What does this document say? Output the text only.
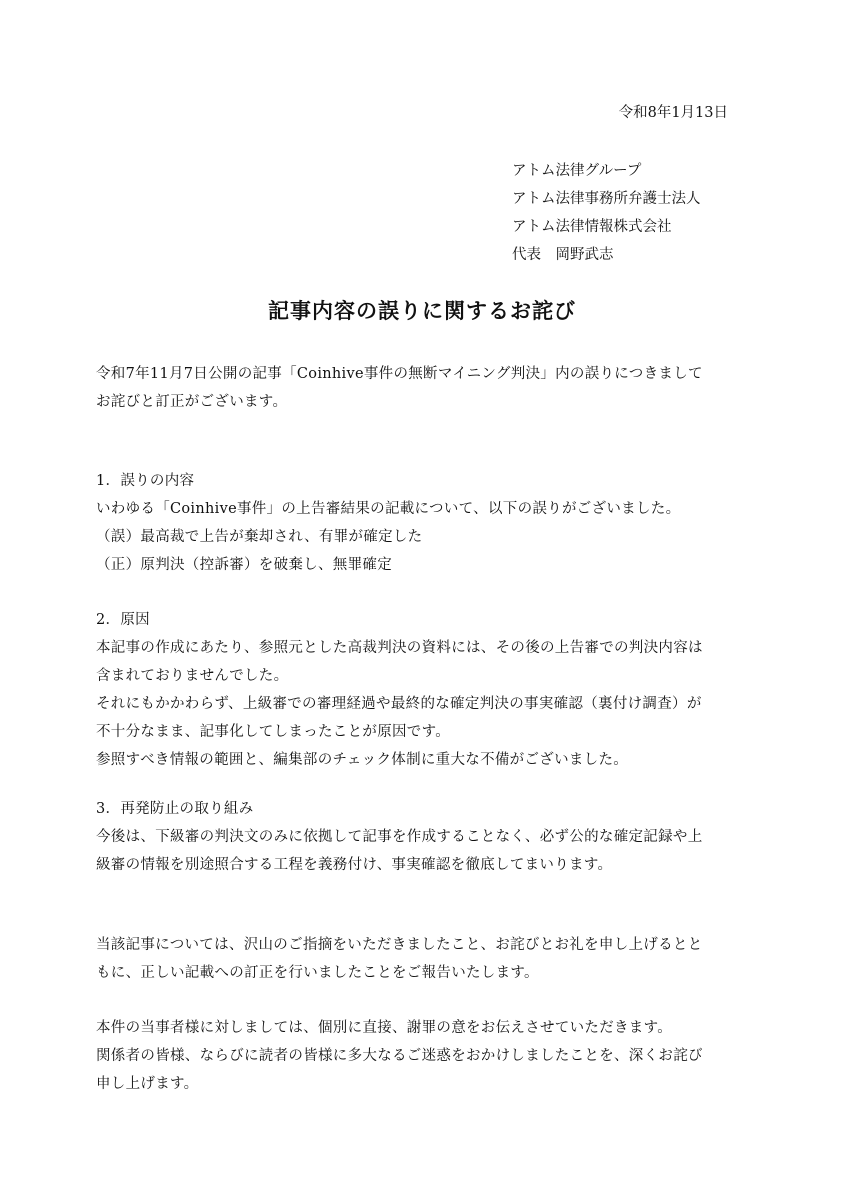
令和8年1月13日
アトム法律グループ
アトム法律事務所弁護士法人
アトム法律情報株式会社
代表　岡野武志
記事内容の誤りに関するお詫び

令和7年11月7日公開の記事「Coinhive事件の無断マイニング判決」内の誤りにつきまして

お詫びと訂正がございます。

1．誤りの内容

いわゆる「Coinhive事件」の上告審結果の記載について、以下の誤りがございました。

（誤）最高裁で上告が棄却され、有罪が確定した

（正）原判決（控訴審）を破棄し、無罪確定

2．原因

本記事の作成にあたり、参照元とした高裁判決の資料には、その後の上告審での判決内容は

含まれておりませんでした。

それにもかかわらず、上級審での審理経過や最終的な確定判決の事実確認（裏付け調査）が

不十分なまま、記事化してしまったことが原因です。

参照すべき情報の範囲と、編集部のチェック体制に重大な不備がございました。

3．再発防止の取り組み

今後は、下級審の判決文のみに依拠して記事を作成することなく、必ず公的な確定記録や上

級審の情報を別途照合する工程を義務付け、事実確認を徹底してまいります。

当該記事については、沢山のご指摘をいただきましたこと、お詫びとお礼を申し上げるとと

もに、正しい記載への訂正を行いましたことをご報告いたします。

本件の当事者様に対しましては、個別に直接、謝罪の意をお伝えさせていただきます。

関係者の皆様、ならびに読者の皆様に多大なるご迷惑をおかけしましたことを、深くお詫び

申し上げます。
